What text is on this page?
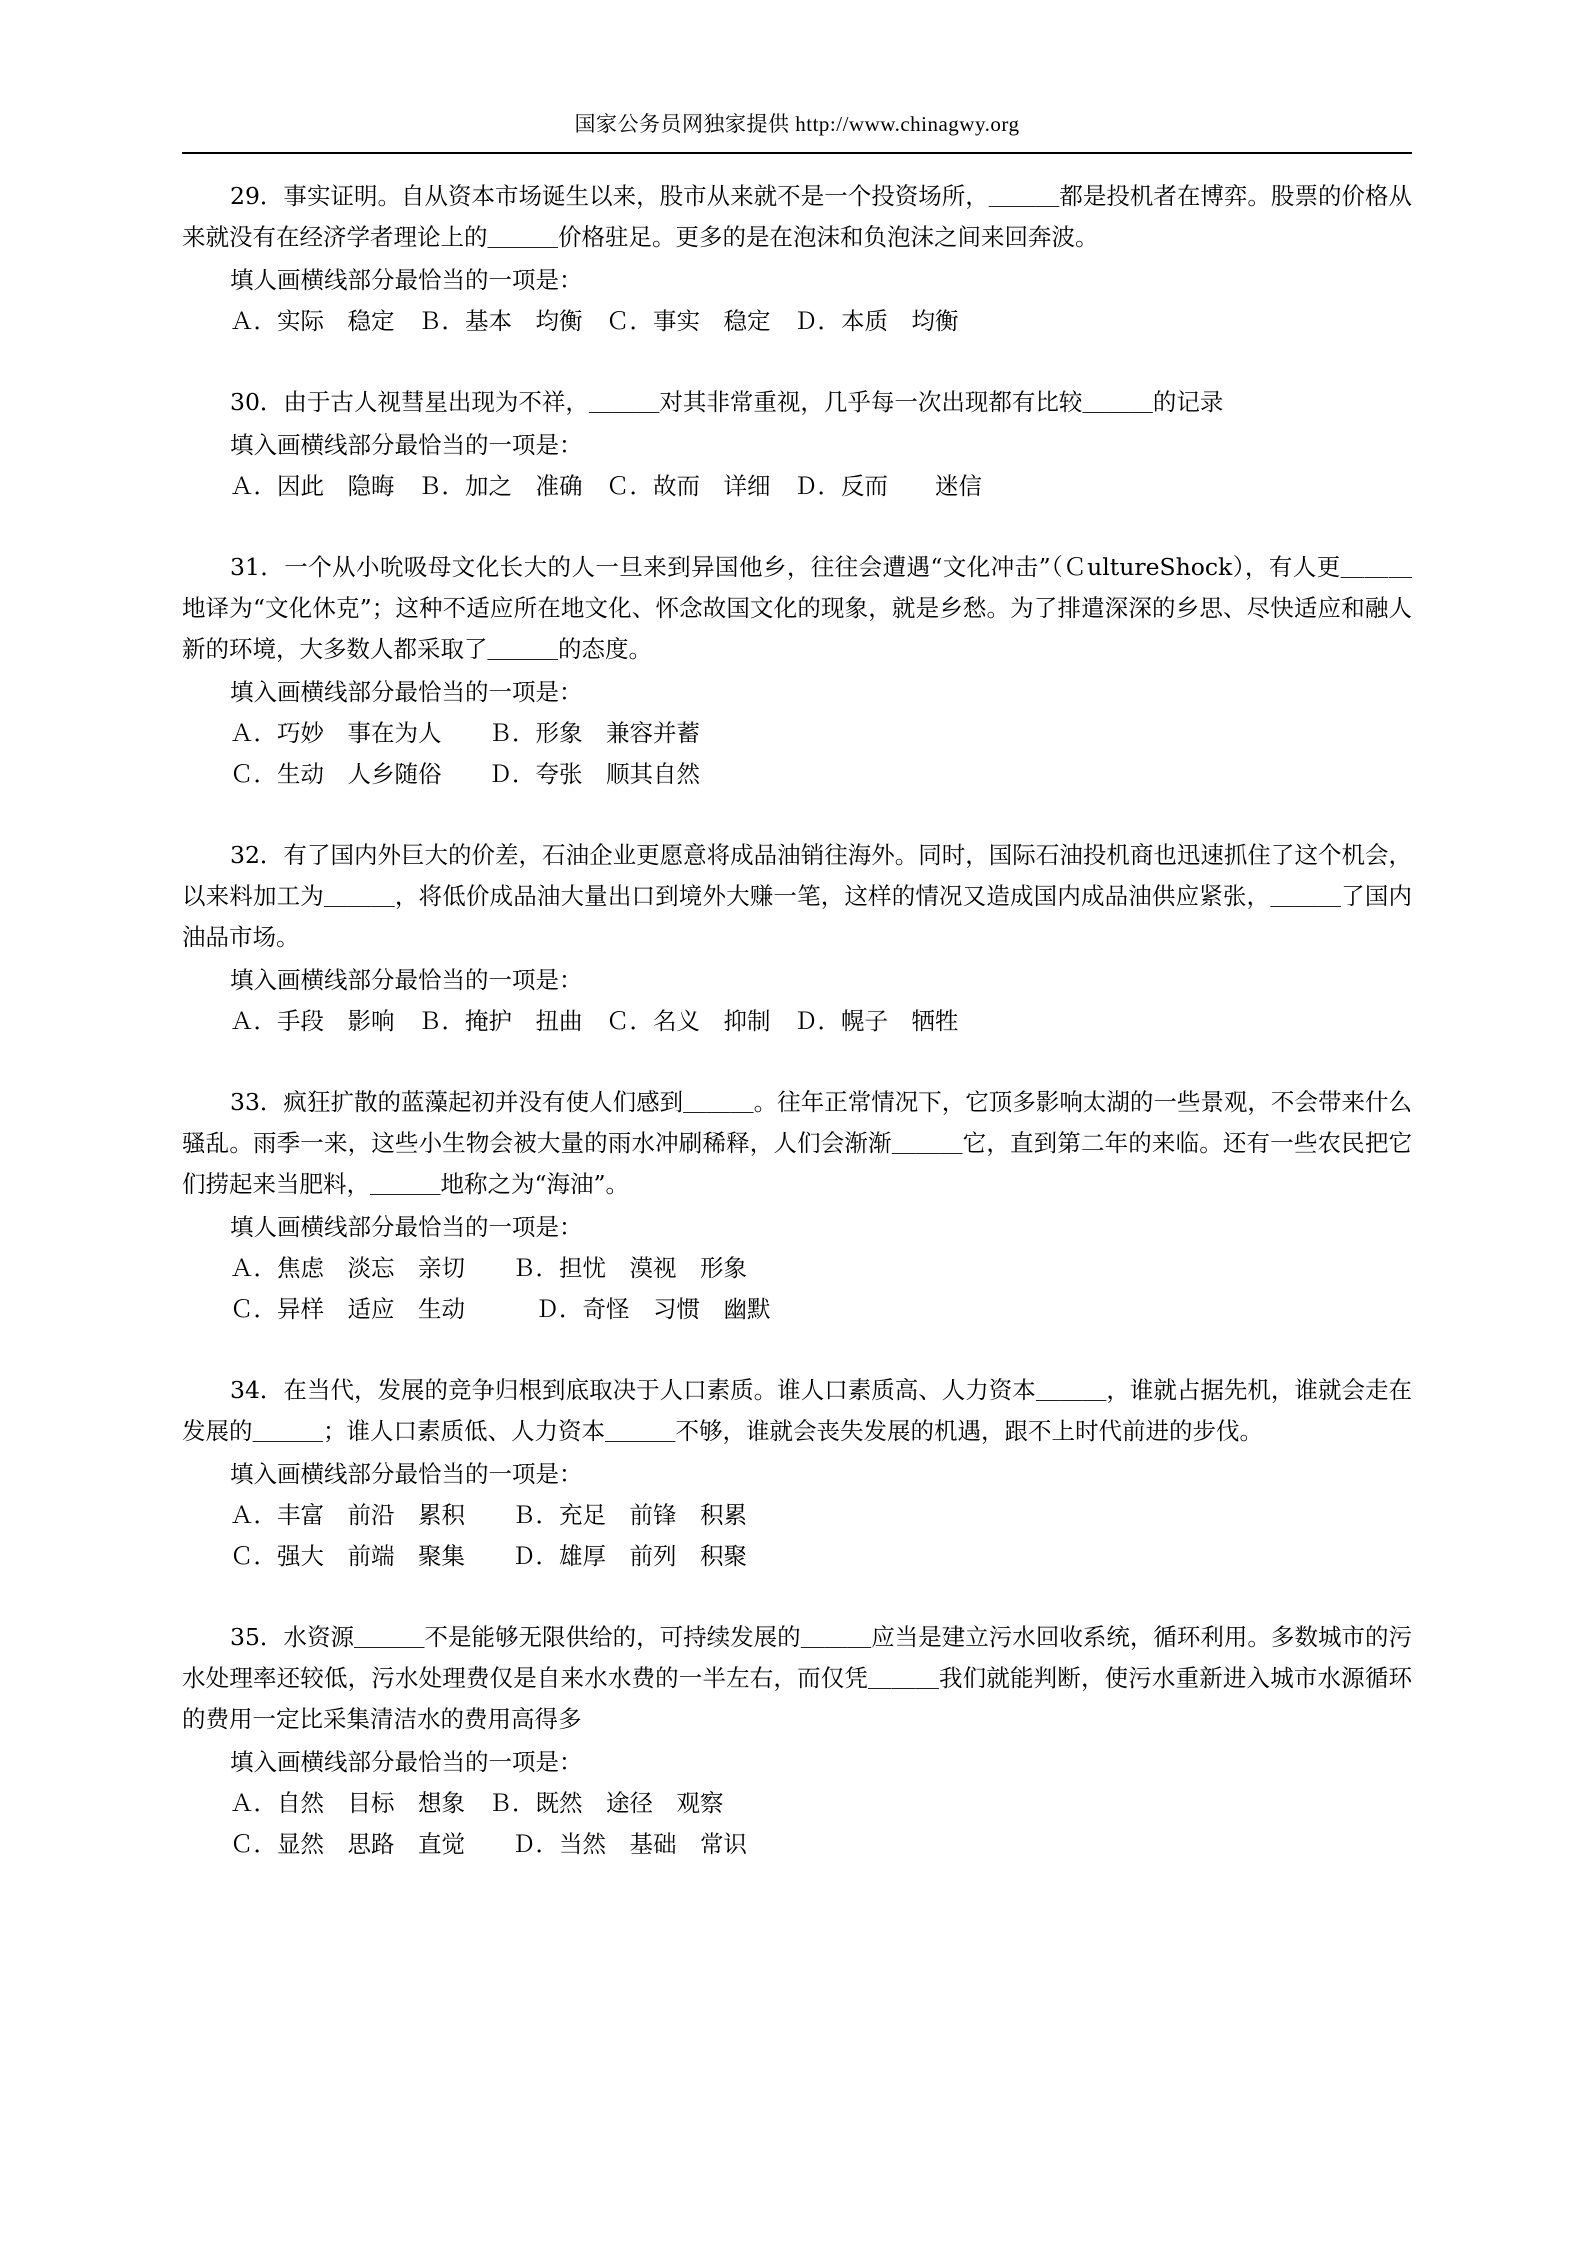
国家公务员网独家提供 http://www.chinagwy.org
29．事实证明。自从资本市场诞生以来，股市从来就不是一个投资场所，＿＿＿都是投机者在博弈。股票的价格从来就没有在经济学者理论上的＿＿＿价格驻足。更多的是在泡沫和负泡沫之间来回奔波。
填人画横线部分最恰当的一项是：
Ａ．实际　稳定　Ｂ．基本　均衡　Ｃ．事实　稳定　Ｄ．本质　均衡
30．由于古人视彗星出现为不祥，＿＿＿对其非常重视，几乎每一次出现都有比较＿＿＿的记录
填入画横线部分最恰当的一项是：
Ａ．因此　隐晦　Ｂ．加之　准确　Ｃ．故而　详细　Ｄ．反而　　迷信
31．一个从小吮吸母文化长大的人一旦来到异国他乡，往往会遭遇“文化冲击”（ＣultureShock），有人更＿＿＿地译为“文化休克”；这种不适应所在地文化、怀念故国文化的现象，就是乡愁。为了排遣深深的乡思、尽快适应和融人新的环境，大多数人都采取了＿＿＿的态度。
填入画横线部分最恰当的一项是：
Ａ．巧妙　事在为人　　Ｂ．形象　兼容并蓄
Ｃ．生动　人乡随俗　　Ｄ．夸张　顺其自然
32．有了国内外巨大的价差，石油企业更愿意将成品油销往海外。同时，国际石油投机商也迅速抓住了这个机会，以来料加工为＿＿＿，将低价成品油大量出口到境外大赚一笔，这样的情况又造成国内成品油供应紧张，＿＿＿了国内油品市场。
填入画横线部分最恰当的一项是：
Ａ．手段　影响　Ｂ．掩护　扭曲　Ｃ．名义　抑制　Ｄ．幌子　牺牲
33．疯狂扩散的蓝藻起初并没有使人们感到＿＿＿。往年正常情况下，它顶多影响太湖的一些景观，不会带来什么骚乱。雨季一来，这些小生物会被大量的雨水冲刷稀释，人们会渐渐＿＿＿它，直到第二年的来临。还有一些农民把它们捞起来当肥料，＿＿＿地称之为“海油”。
填人画横线部分最恰当的一项是：
Ａ．焦虑　淡忘　亲切　　Ｂ．担忧　漠视　形象
Ｃ．异样　适应　生动　　　Ｄ．奇怪　习惯　幽默
34．在当代，发展的竞争归根到底取决于人口素质。谁人口素质高、人力资本＿＿＿，谁就占据先机，谁就会走在发展的＿＿＿；谁人口素质低、人力资本＿＿＿不够，谁就会丧失发展的机遇，跟不上时代前进的步伐。
填入画横线部分最恰当的一项是：
Ａ．丰富　前沿　累积　　Ｂ．充足　前锋　积累
Ｃ．强大　前端　聚集　　Ｄ．雄厚　前列　积聚
35．水资源＿＿＿不是能够无限供给的，可持续发展的＿＿＿应当是建立污水回收系统，循环利用。多数城市的污水处理率还较低，污水处理费仅是自来水水费的一半左右，而仅凭＿＿＿我们就能判断，使污水重新进入城市水源循环的费用一定比采集清洁水的费用高得多
填入画横线部分最恰当的一项是：
Ａ．自然　目标　想象　Ｂ．既然　途径　观察
Ｃ．显然　思路　直觉　　Ｄ．当然　基础　常识
